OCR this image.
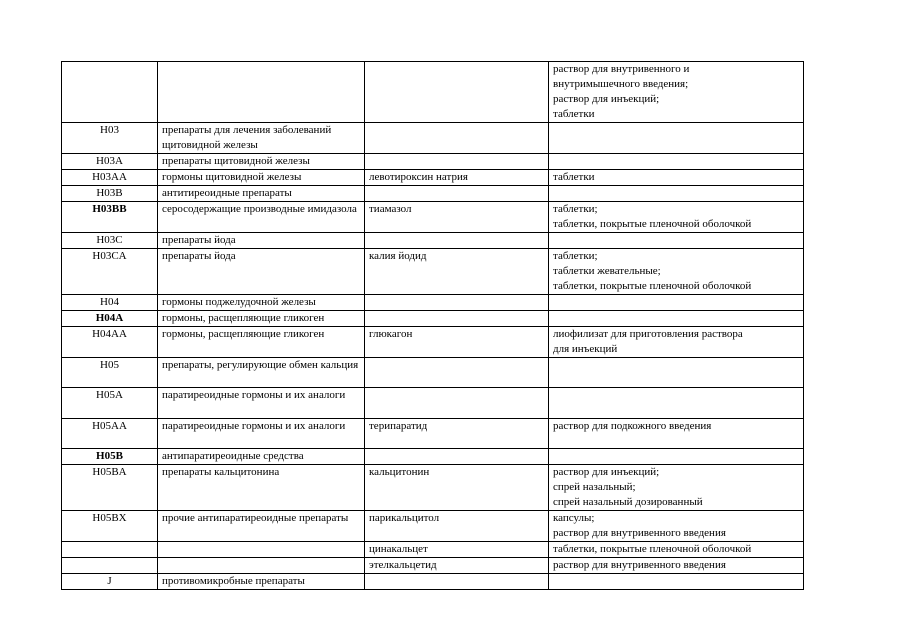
			раствор для внутривенного и
внутримышечного введения;
раствор для инъекций;
таблетки

H03	препараты для лечения заболеваний щитовидной железы		
H03A	препараты щитовидной железы		
H03AA	гормоны щитовидной железы	левотироксин натрия	таблетки

H03B	антитиреоидные препараты		
H03BB	серосодержащие производные имидазола	тиамазол	таблетки;
таблетки, покрытые пленочной оболочкой

H03C	препараты йода		
H03CA	препараты йода	калия йодид	таблетки;
таблетки жевательные;
таблетки, покрытые пленочной оболочкой

H04	гормоны поджелудочной железы		
H04A	гормоны, расщепляющие гликоген		
H04AA	гормоны, расщепляющие гликоген	глюкагон	лиофилизат для приготовления раствора
для инъекций

H05	препараты, регулирующие обмен кальция		
H05A	паратиреоидные гормоны и их аналоги		
H05AA	паратиреоидные гормоны и их аналоги	терипаратид	раствор для подкожного введения

H05B	антипаратиреоидные средства		
H05BA	препараты кальцитонина	кальцитонин	раствор для инъекций;
спрей назальный;
спрей назальный дозированный

H05BX	прочие антипаратиреоидные препараты	парикальцитол	капсулы;
раствор для внутривенного введения

		цинакальцет	таблетки, покрытые пленочной оболочкой

		этелкальцетид	раствор для внутривенного введения

J	противомикробные препараты		
